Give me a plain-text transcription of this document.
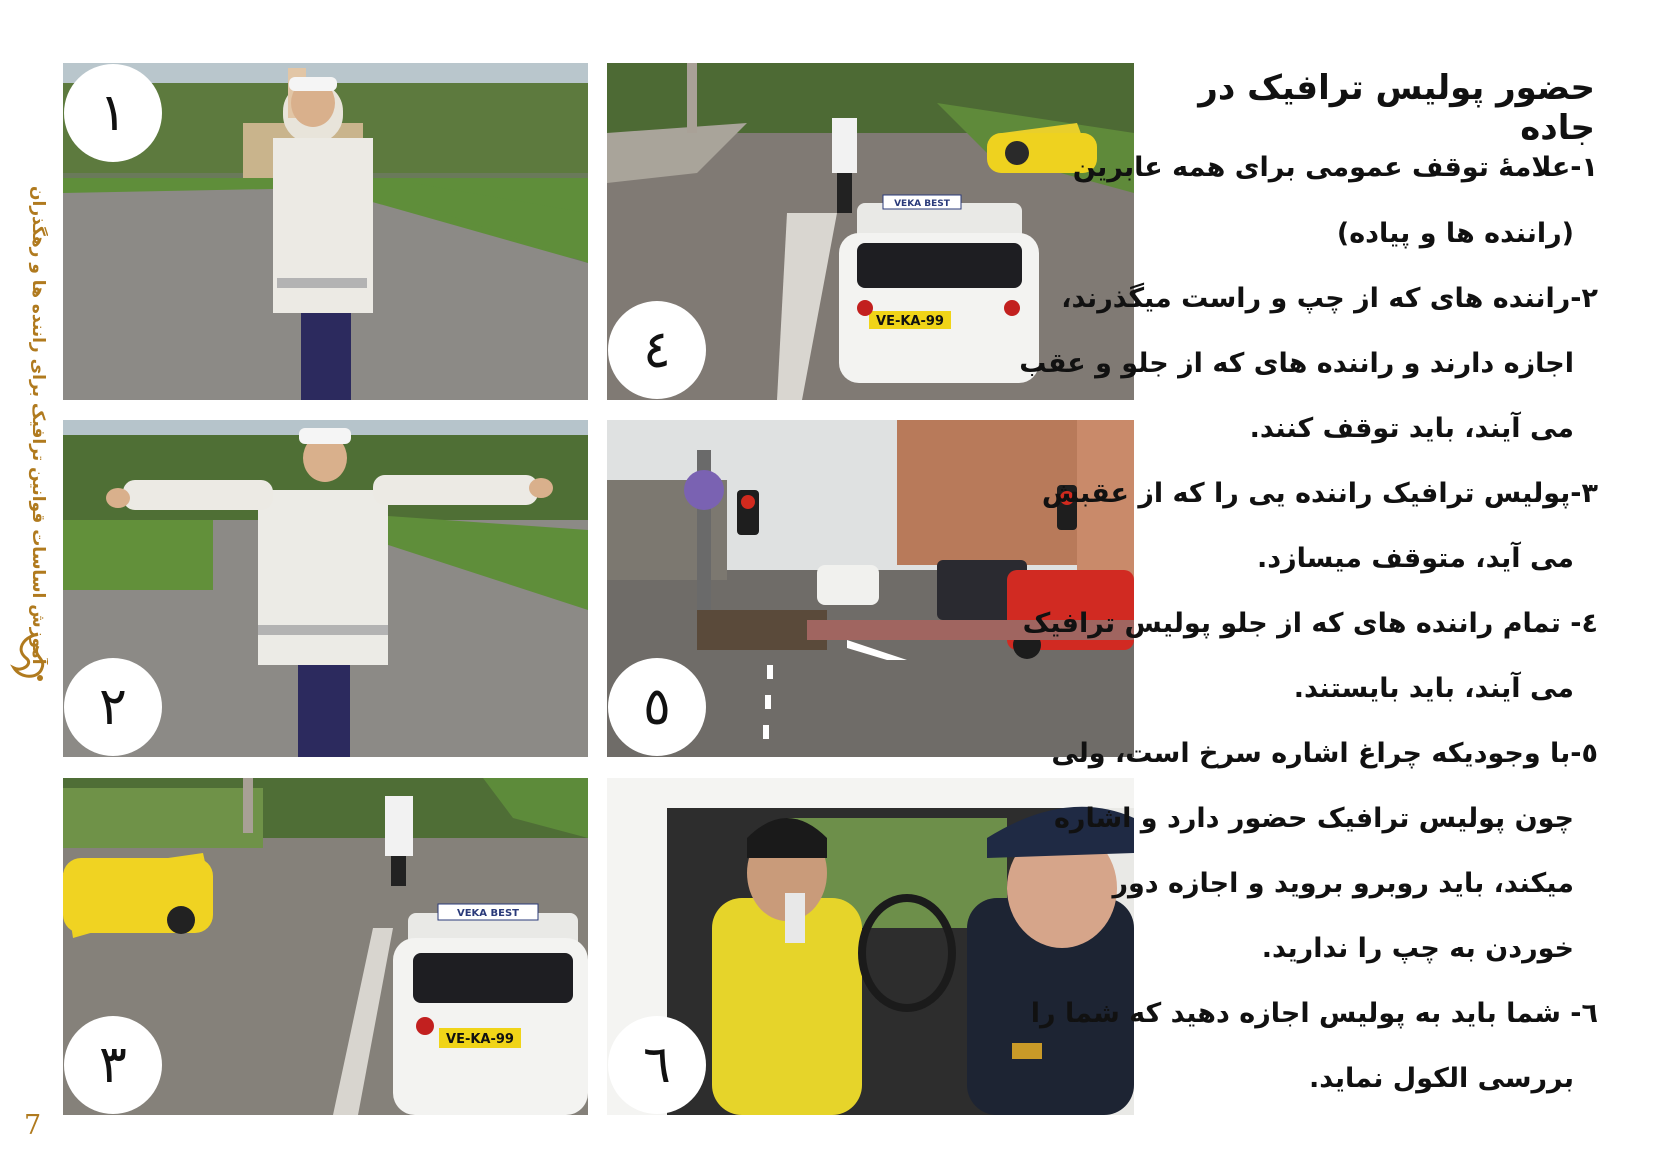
آموزش اساسات قوانین ترافیک برای راننده ها و رهگذران
7
١
VE-KA-99
VEKA BEST
٤
٢	٥
VE-KA-99
VEKA BEST
٣	٦
حضور پولیس ترافیک در جاده
١-علامهٔ توقف عمومی برای همه عابرین
(راننده ها و پیاده)
٢-راننده های که از چپ و راست میگذرند،
اجازه دارند و راننده های که از جلو و عقب
می آیند، باید توقف کنند.
٣-پولیس ترافیک راننده یی را که از عقبش
می آید، متوقف میسازد.
٤- تمام راننده های که از جلو پولیس ترافیک
می آیند، باید بایستند.
٥-با وجودیکه چراغ اشاره سرخ است، ولی
چون پولیس ترافیک حضور دارد و اشاره
میکند، باید روبرو بروید و اجازه دور
خوردن به چپ را ندارید.
٦- شما باید به پولیس اجازه دهید که شما را
بررسی الکول نماید.
